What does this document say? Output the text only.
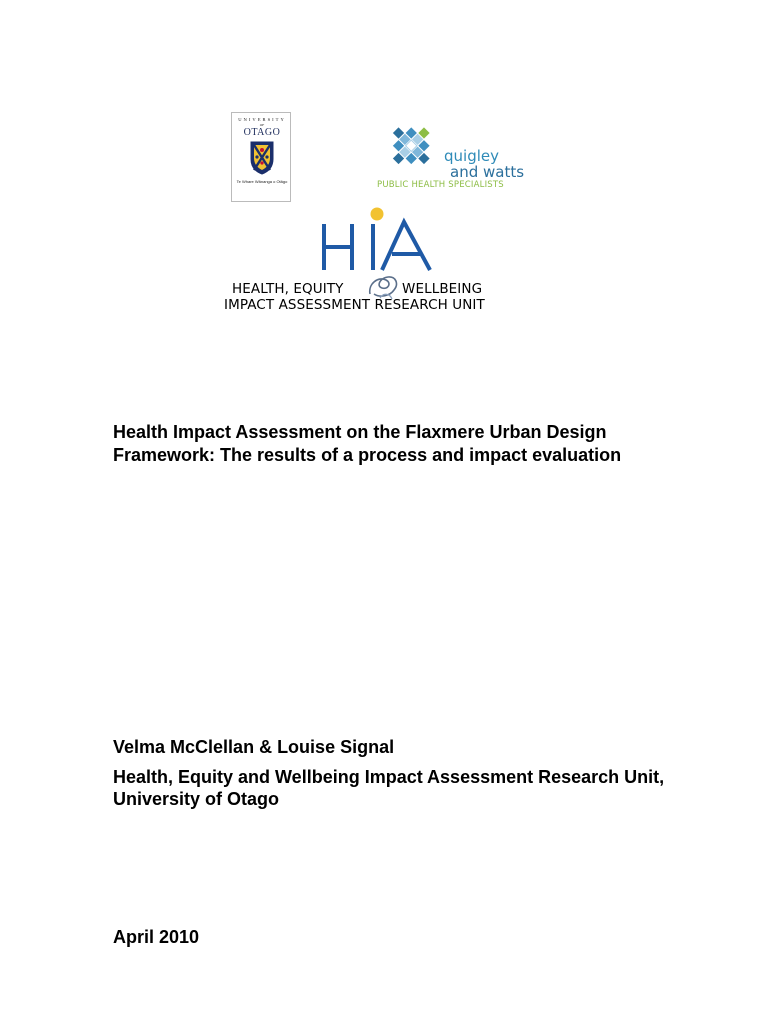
UNIVERSITY
OF
OTAGO
Te Whare Wānanga o Otāgo
quigley
and watts
PUBLIC HEALTH SPECIALISTS
HEALTH, EQUITY	WELLBEING
IMPACT ASSESSMENT RESEARCH UNIT
Health Impact Assessment on the Flaxmere Urban Design Framework: The results of a process and impact evaluation
Velma McClellan & Louise Signal
Health, Equity and Wellbeing Impact Assessment Research Unit, University of Otago
April 2010
